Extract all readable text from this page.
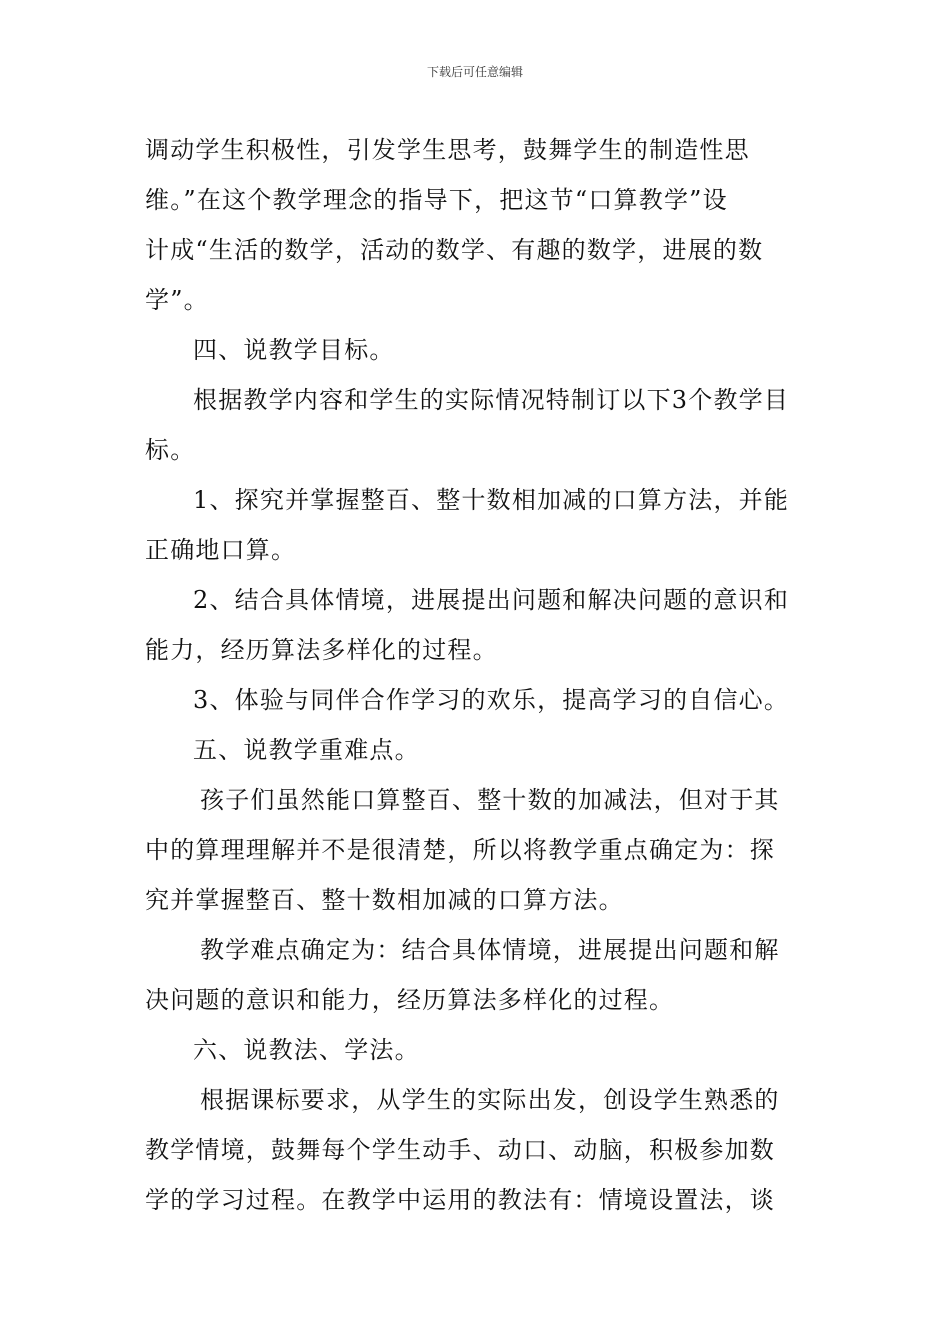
下载后可任意编辑
调动学生积极性，引发学生思考，鼓舞学生的制造性思
维。”在这个教学理念的指导下，把这节“口算教学”设
计成“生活的数学，活动的数学、有趣的数学，进展的数
学”。
四、说教学目标。
根据教学内容和学生的实际情况特制订以下3个教学目
标。
1、探究并掌握整百、整十数相加减的口算方法，并能
正确地口算。
2、结合具体情境，进展提出问题和解决问题的意识和
能力，经历算法多样化的过程。
3、体验与同伴合作学习的欢乐，提高学习的自信心。
五、说教学重难点。
孩子们虽然能口算整百、整十数的加减法，但对于其
中的算理理解并不是很清楚，所以将教学重点确定为：探
究并掌握整百、整十数相加减的口算方法。
教学难点确定为：结合具体情境，进展提出问题和解
决问题的意识和能力，经历算法多样化的过程。
六、说教法、学法。
根据课标要求，从学生的实际出发，创设学生熟悉的
教学情境，鼓舞每个学生动手、动口、动脑，积极参加数
学的学习过程。在教学中运用的教法有：情境设置法，谈
